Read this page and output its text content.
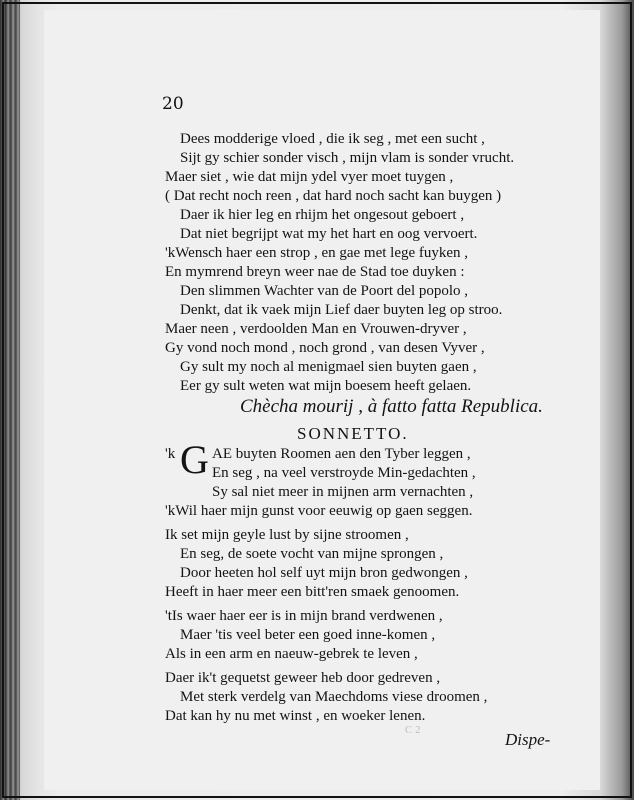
20
Dees modderige vloed , die ik seg , met een sucht ,
Sijt gy schier sonder visch , mijn vlam is sonder vrucht.
Maer siet , wie dat mijn ydel vyer moet tuygen ,
( Dat recht noch reen , dat hard noch sacht kan buygen )
Daer ik hier leg en rhijm het ongesout geboert ,
Dat niet begrijpt wat my het hart en oog vervoert.
'kWensch haer een strop , en gae met lege fuyken ,
En mymrend breyn weer nae de Stad toe duyken :
Den slimmen Wachter van de Poort del popolo ,
Denkt, dat ik vaek mijn Lief daer buyten leg op stroo.
Maer neen , verdoolden Man en Vrouwen-dryver ,
Gy vond noch mond , noch grond , van desen Vyver ,
Gy sult my noch al menigmael sien buyten gaen ,
Eer gy sult weten wat mijn boesem heeft gelaen.
Chècha mourij , à fatto fatta Republica.
SONNETTO.
G
'k AE buyten Roomen aen den Tyber leggen ,
En seg , na veel verstroyde Min-gedachten ,
Sy sal niet meer in mijnen arm vernachten ,
'kWil haer mijn gunst voor eeuwig op gaen seggen.
Ik set mijn geyle lust by sijne stroomen ,
En seg, de soete vocht van mijne sprongen ,
Door heeten hol self uyt mijn bron gedwongen ,
Heeft in haer meer een bitt'ren smaek genoomen.
'tIs waer haer eer is in mijn brand verdwenen ,
Maer 'tis veel beter een goed inne-komen ,
Als in een arm en naeuw-gebrek te leven ,
Daer ik't gequetst geweer heb door gedreven ,
Met sterk verdelg van Maechdoms viese droomen ,
Dat kan hy nu met winst , en woeker lenen.
C 2	Dispe-
